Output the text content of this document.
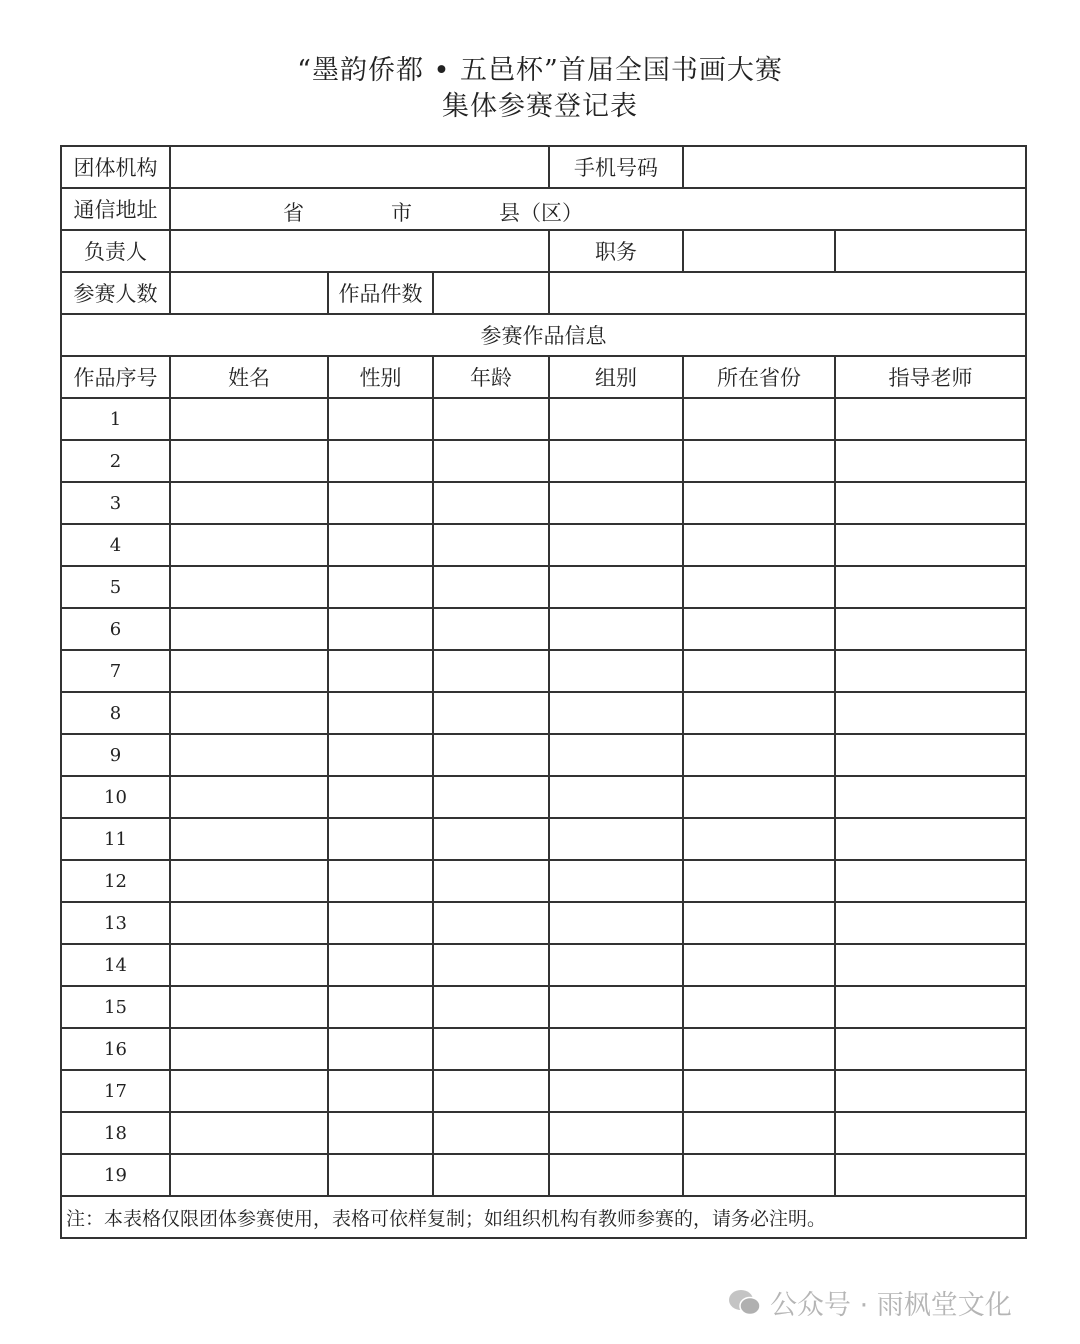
“墨韵侨都 • 五邑杯”首届全国书画大赛
集体参赛登记表
团体机构				手机号码		
通信地址	省 市 县（区）					

负责人				职务		
参赛人数		作品件数				
参赛作品信息						
作品序号	姓名	性别	年龄	组别	所在省份	指导老师
1						
2						
3						
4						
5						
6						
7						
8						
9						
10						
11						
12						
13						
14						
15						
16						
17						
18						
19						
注：本表格仅限团体参赛使用，表格可依样复制；如组织机构有教师参赛的，请务必注明。						
公众号 · 雨枫堂文化
